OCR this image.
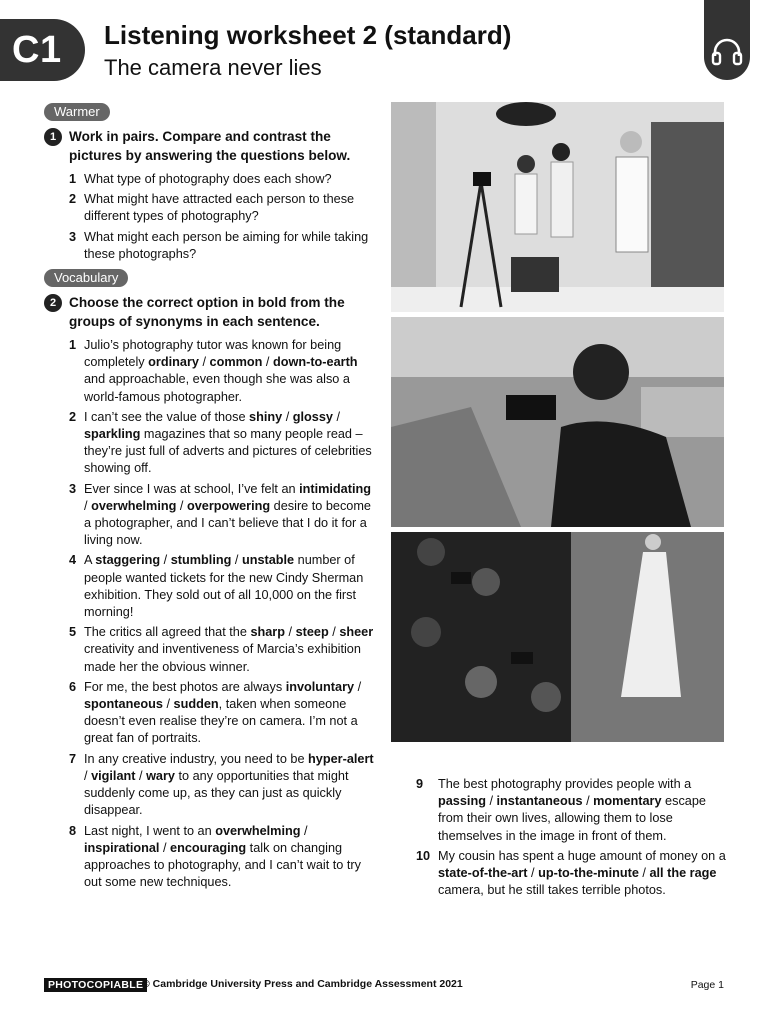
C1	Listening worksheet 2 (standard)
The camera never lies
Warmer
1 Work in pairs. Compare and contrast the pictures by answering the questions below.
1 What type of photography does each show?
2 What might have attracted each person to these different types of photography?
3 What might each person be aiming for while taking these photographs?
Vocabulary
2 Choose the correct option in bold from the groups of synonyms in each sentence.
1 Julio’s photography tutor was known for being completely ordinary / common / down-to-earth and approachable, even though she was also a world-famous photographer.
2 I can’t see the value of those shiny / glossy / sparkling magazines that so many people read – they’re just full of adverts and pictures of celebrities showing off.
3 Ever since I was at school, I’ve felt an intimidating / overwhelming / overpowering desire to become a photographer, and I can’t believe that I do it for a living now.
4 A staggering / stumbling / unstable number of people wanted tickets for the new Cindy Sherman exhibition. They sold out of all 10,000 on the first morning!
5 The critics all agreed that the sharp / steep / sheer creativity and inventiveness of Marcia’s exhibition made her the obvious winner.
6 For me, the best photos are always involuntary / spontaneous / sudden, taken when someone doesn’t even realise they’re on camera. I’m not a great fan of portraits.
7 In any creative industry, you need to be hyper-alert / vigilant / wary to any opportunities that might suddenly come up, as they can just as quickly disappear.
8 Last night, I went to an overwhelming / inspirational / encouraging talk on changing approaches to photography, and I can’t wait to try out some new techniques.
9	The best photography provides people with a passing / instantaneous / momentary escape from their own lives, allowing them to lose themselves in the image in front of them.
10 My cousin has spent a huge amount of money on a state-of-the-art / up-to-the-minute / all the rage camera, but he still takes terrible photos.
PHOTOCOPIABLE
© Cambridge University Press and Cambridge Assessment 2021	Page 1
